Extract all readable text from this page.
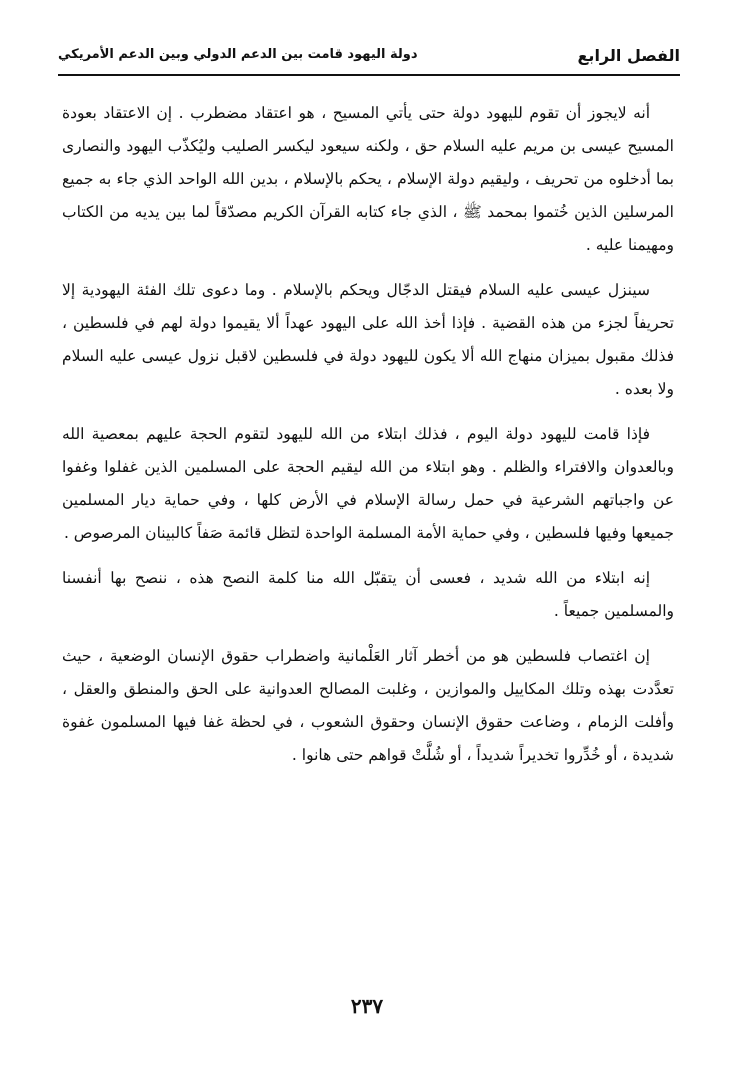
الفصل الرابع
دولة اليهود قامت بين الدعم الدولي وبين الدعم الأمريكي

أنه لايجوز أن تقوم لليهود دولة حتى يأتي المسيح ، هو اعتقاد مضطرب . إن الاعتقاد بعودة المسيح عيسى بن مريم عليه السلام حق ، ولكنه سيعود ليكسر الصليب وليُكذّب اليهود والنصارى بما أدخلوه من تحريف ، وليقيم دولة الإسلام ، يحكم بالإسلام ، بدين الله الواحد الذي جاء به جميع المرسلين الذين خُتموا بمحمد ﷺ ، الذي جاء كتابه القرآن الكريم مصدّقاً لما بين يديه من الكتاب ومهيمنا عليه .

سينزل عيسى عليه السلام فيقتل الدجّال ويحكم بالإسلام . وما دعوى تلك الفئة اليهودية إلا تحريفاً لجزء من هذه القضية . فإذا أخذ الله على اليهود عهداً ألا يقيموا دولة لهم في فلسطين ، فذلك مقبول بميزان منهاج الله ألا يكون لليهود دولة في فلسطين لاقبل نزول عيسى عليه السلام ولا بعده .

فإذا قامت لليهود دولة اليوم ، فذلك ابتلاء من الله لليهود لتقوم الحجة عليهم بمعصية الله وبالعدوان والافتراء والظلم . وهو ابتلاء من الله ليقيم الحجة على المسلمين الذين غفلوا وغفوا عن واجباتهم الشرعية في حمل رسالة الإسلام في الأرض كلها ، وفي حماية ديار المسلمين جميعها وفيها فلسطين ، وفي حماية الأمة المسلمة الواحدة لتظل قائمة صَفاً كالبينان المرصوص .

إنه ابتلاء من الله شديد ، فعسى أن يتقبّل الله منا كلمة النصح هذه ، ننصح بها أنفسنا والمسلمين جميعاً .

إن اغتصاب فلسطين هو من أخطر آثار العَلْمانية واضطراب حقوق الإنسان الوضعية ، حيث تعدَّدت بهذه وتلك المكاييل والموازين ، وغلبت المصالح العدوانية على الحق والمنطق والعقل ، وأفلت الزمام ، وضاعت حقوق الإنسان وحقوق الشعوب ، في لحظة غفا فيها المسلمون غفوة شديدة ، أو خُدِّروا تخديراً شديداً ، أو شُلَّتْ قواهم حتى هانوا .

٢٣٧
